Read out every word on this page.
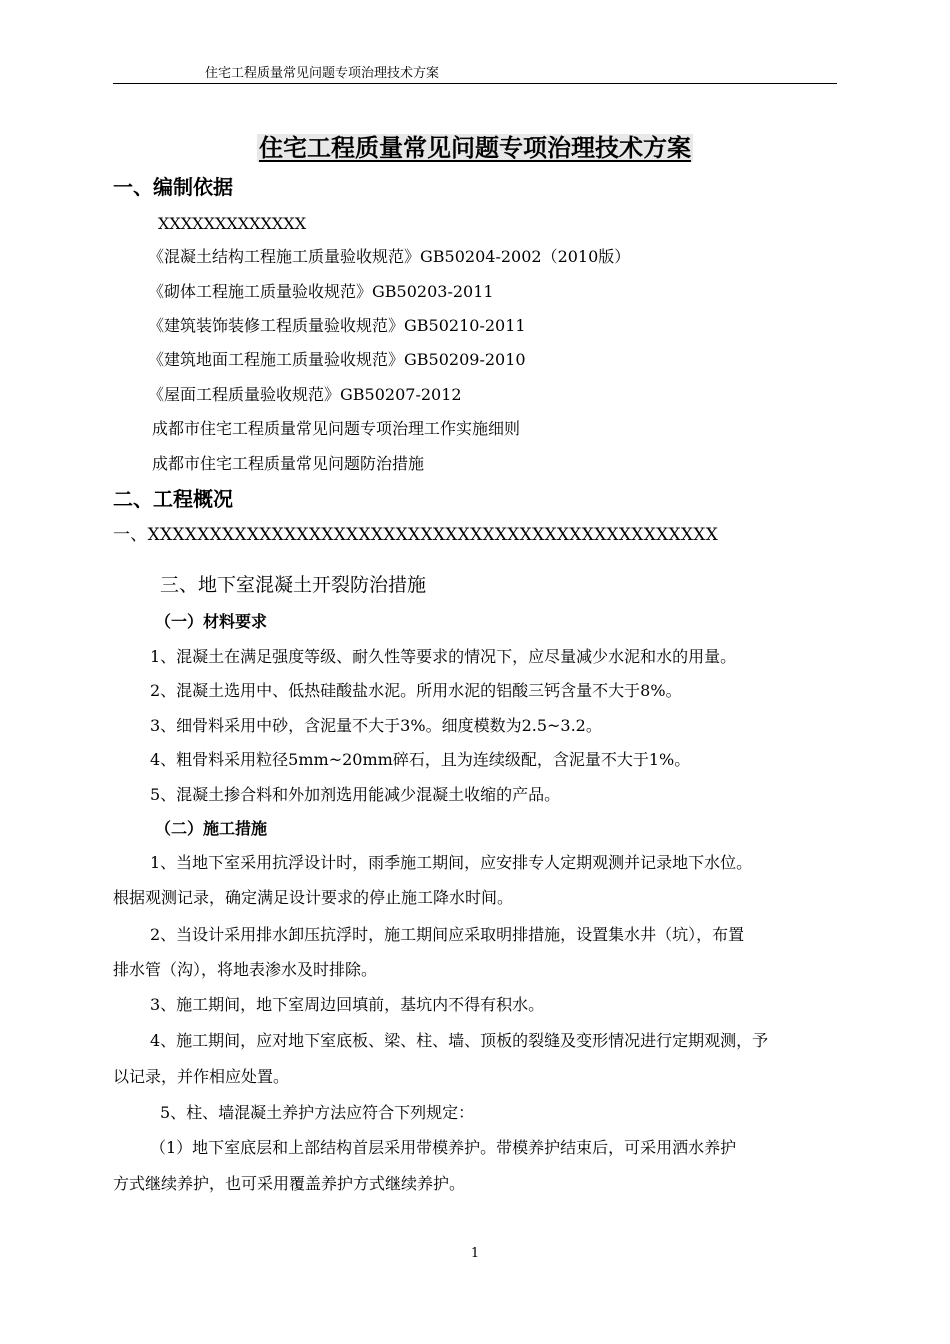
住宅工程质量常见问题专项治理技术方案
住宅工程质量常见问题专项治理技术方案
一、编制依据
XXXXXXXXXXXXX
《混凝土结构工程施工质量验收规范》GB50204-2002（2010版）
《砌体工程施工质量验收规范》GB50203-2011
《建筑装饰装修工程质量验收规范》GB50210-2011
《建筑地面工程施工质量验收规范》GB50209-2010
《屋面工程质量验收规范》GB50207-2012
成都市住宅工程质量常见问题专项治理工作实施细则
成都市住宅工程质量常见问题防治措施
二、工程概况
一、XXXXXXXXXXXXXXXXXXXXXXXXXXXXXXXXXXXXXXXXXXXXXX
三、地下室混凝土开裂防治措施
（一）材料要求
1、混凝土在满足强度等级、耐久性等要求的情况下，应尽量减少水泥和水的用量。
2、混凝土选用中、低热硅酸盐水泥。所用水泥的铝酸三钙含量不大于8%。
3、细骨料采用中砂，含泥量不大于3%。细度模数为2.5~3.2。
4、粗骨料采用粒径5mm~20mm碎石，且为连续级配，含泥量不大于1%。
5、混凝土掺合料和外加剂选用能减少混凝土收缩的产品。
（二）施工措施
1、当地下室采用抗浮设计时，雨季施工期间，应安排专人定期观测并记录地下水位。
根据观测记录，确定满足设计要求的停止施工降水时间。
2、当设计采用排水卸压抗浮时，施工期间应采取明排措施，设置集水井（坑），布置
排水管（沟），将地表渗水及时排除。
3、施工期间，地下室周边回填前，基坑内不得有积水。
4、施工期间，应对地下室底板、梁、柱、墙、顶板的裂缝及变形情况进行定期观测，予
以记录，并作相应处置。
5、柱、墙混凝土养护方法应符合下列规定：
（1）地下室底层和上部结构首层采用带模养护。带模养护结束后，可采用洒水养护
方式继续养护，也可采用覆盖养护方式继续养护。
1
